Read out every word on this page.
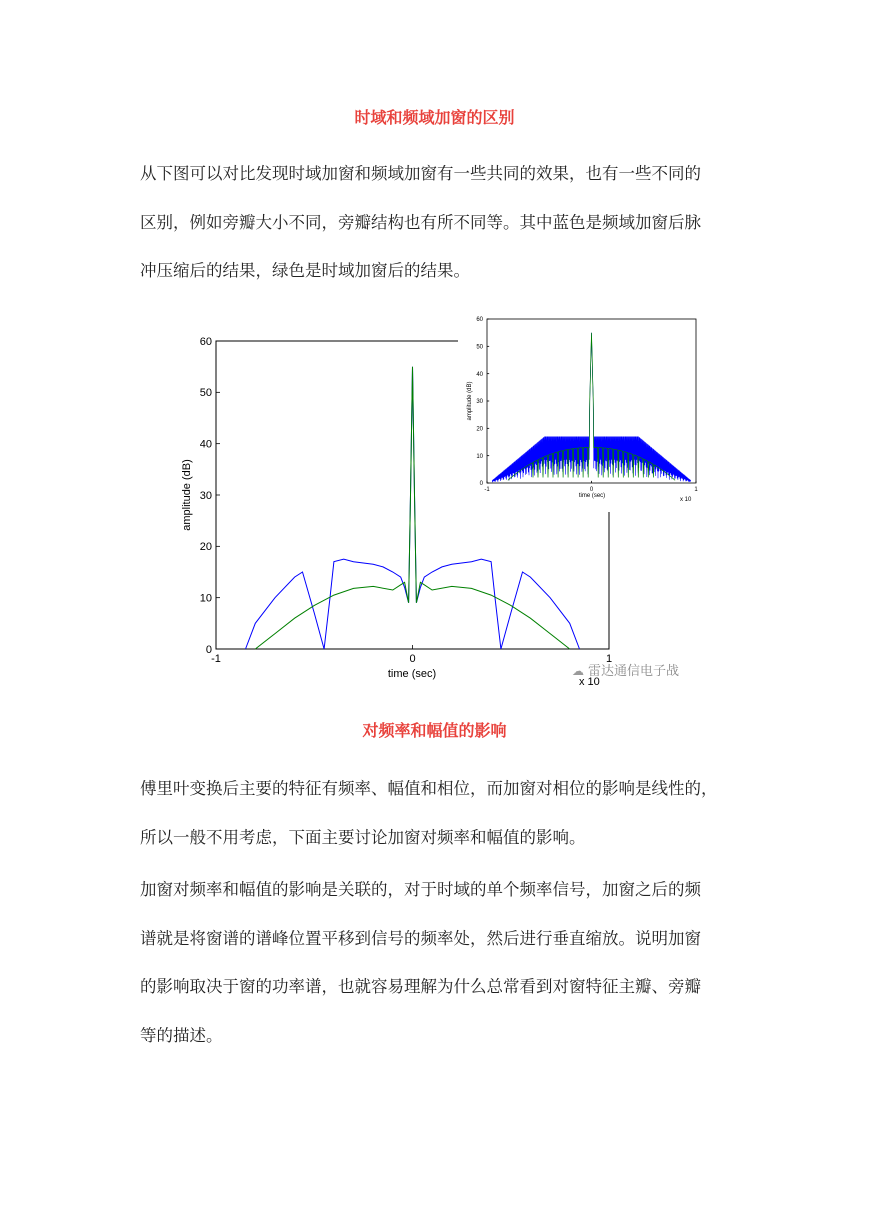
时域和频域加窗的区别
从下图可以对比发现时域加窗和频域加窗有一些共同的效果，也有一些不同的
区别，例如旁瓣大小不同，旁瓣结构也有所不同等。其中蓝色是频域加窗后脉
冲压缩后的结果，绿色是时域加窗后的结果。
0
10
20
30
40
50
60
-1	0	1
time (sec)
amplitude (dB)
x 10
0
10
20
30
40
50
60
-1	0	1
time (sec)
amplitude (dB)
x 10
☁ 雷达通信电子战
对频率和幅值的影响
傅里叶变换后主要的特征有频率、幅值和相位，而加窗对相位的影响是线性的，
所以一般不用考虑，下面主要讨论加窗对频率和幅值的影响。
加窗对频率和幅值的影响是关联的，对于时域的单个频率信号，加窗之后的频
谱就是将窗谱的谱峰位置平移到信号的频率处，然后进行垂直缩放。说明加窗
的影响取决于窗的功率谱，也就容易理解为什么总常看到对窗特征主瓣、旁瓣
等的描述。
